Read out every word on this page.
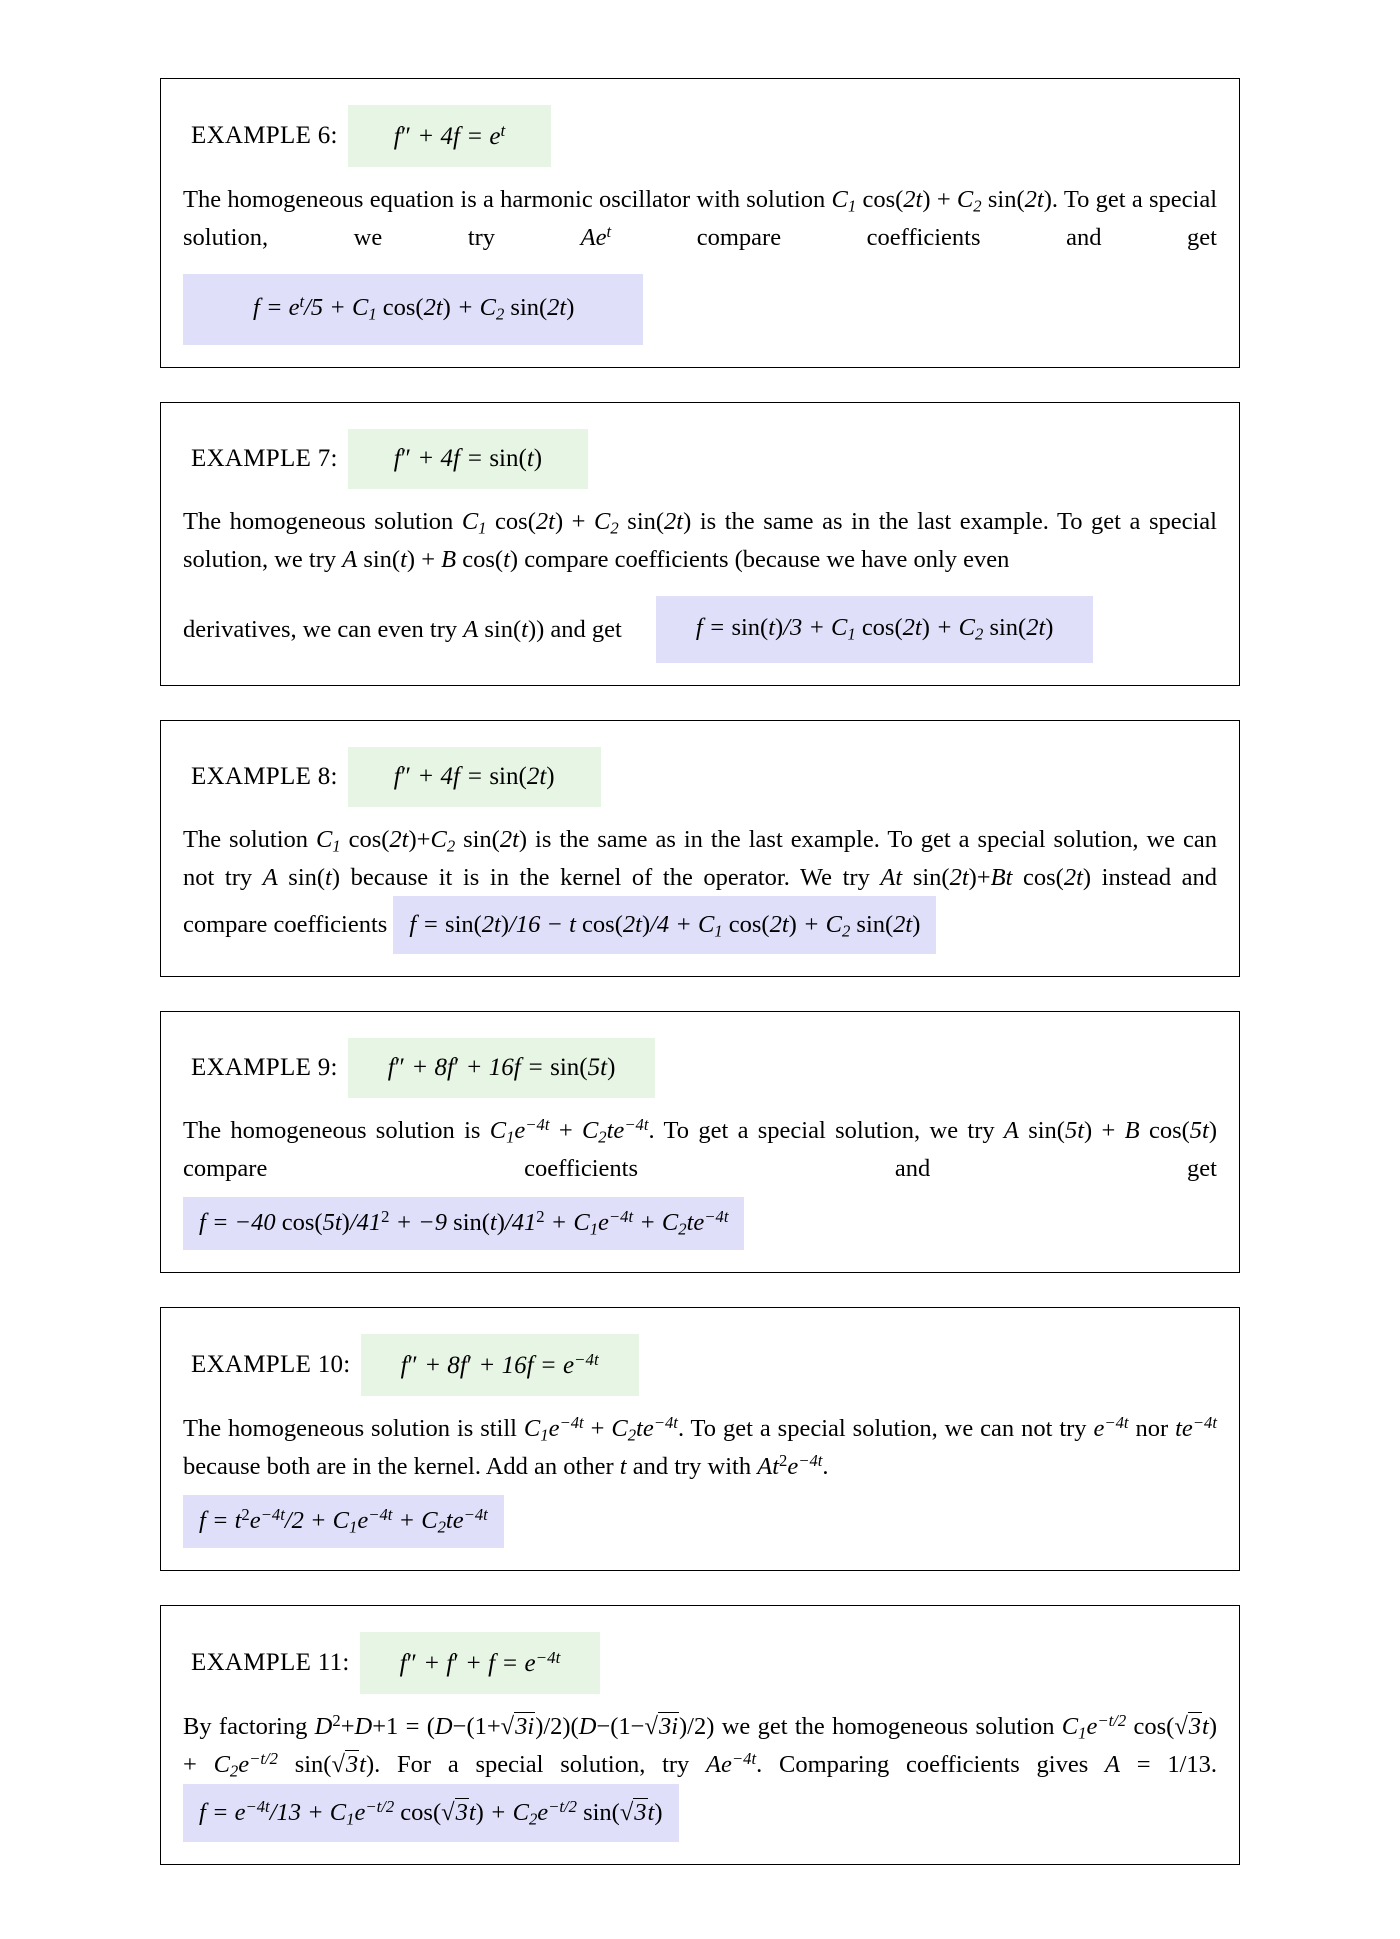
EXAMPLE 6:	$f'' + 4f = e^t$
The homogeneous equation is a harmonic oscillator with solution $C_1$ $\cos(2t) + C_2$ sin(2t). To get a special solution, we try Ae$^t$ compare coefficients and get
$f = e^t/5 + C_1$ $\cos(2t) + C_2$ sin(2t)
EXAMPLE 7:	f″ + 4f = sin(t)
The homogeneous solution $C_1$ $\cos(2t) + C_2$ sin(2t) is the same as in the last example. To get a special solution, we try A sin(t) + B cos(t) compare coefficients (because we have only even
derivatives, we can even try A sin(t)) and get	$f = \sin(t)/3 + C_1$ $\cos(2t) + C_2$ sin(2t)
EXAMPLE 8:	f″ + 4f = sin(2t)
The solution $C_1$ $\cos(2t)+C_2$ sin(2t) is the same as in the last example. To get a special solution, we can not try A sin(t) because it is in the kernel of the operator. We try At sin(2t)+Bt cos(2t) instead and compare coefficients f = sin(2t)/16 − t $\cos(2t)/4 + C_1$ $\cos(2t) + C_2$ sin(2t)
EXAMPLE 9:	f″ + 8f′ + 16f = sin(5t)
The homogeneous solution is $C_1e^{-4t} + C_2te^{-4t}$. To get a special solution, we try A sin(5t) + B cos(5t) compare coefficients and get
f = −40 $\cos(5t)/41^2 + -9$ $\sin(t)/41^2 + C_1e^{-4t} + C_2te^{-4t}$
EXAMPLE 10:	$f'' + 8f' + 16f = e^{-4t}$
The homogeneous solution is still $C_1e^{-4t} + C_2te^{-4t}$. To get a special solution, we can not try $e^{-4t}$ nor $te^{-4t}$ because both are in the kernel. Add an other t and try with $At^2e^{-4t}$.
$f = t^2e^{-4t}/2 + C_1e^{-4t} + C_2te^{-4t}$
EXAMPLE 11:	$f'' + f' + f = e^{-4t}$
By factoring $D^2+D+1 = (D-(1+√3i)/2)(D-(1-√3i)/2)$ we get the homogeneous solution $C_1e^{-t/2}$ $\cos(√3t) + C_2e^{-t/2}$ sin(√3t). For a special solution, try $Ae^{-4t}$. Comparing coefficients gives A = 1/13. $f = e^{-4t}/13 + C_1e^{-t/2}$ $\cos(√3t) + C_2e^{-t/2}$ sin(√3t)
